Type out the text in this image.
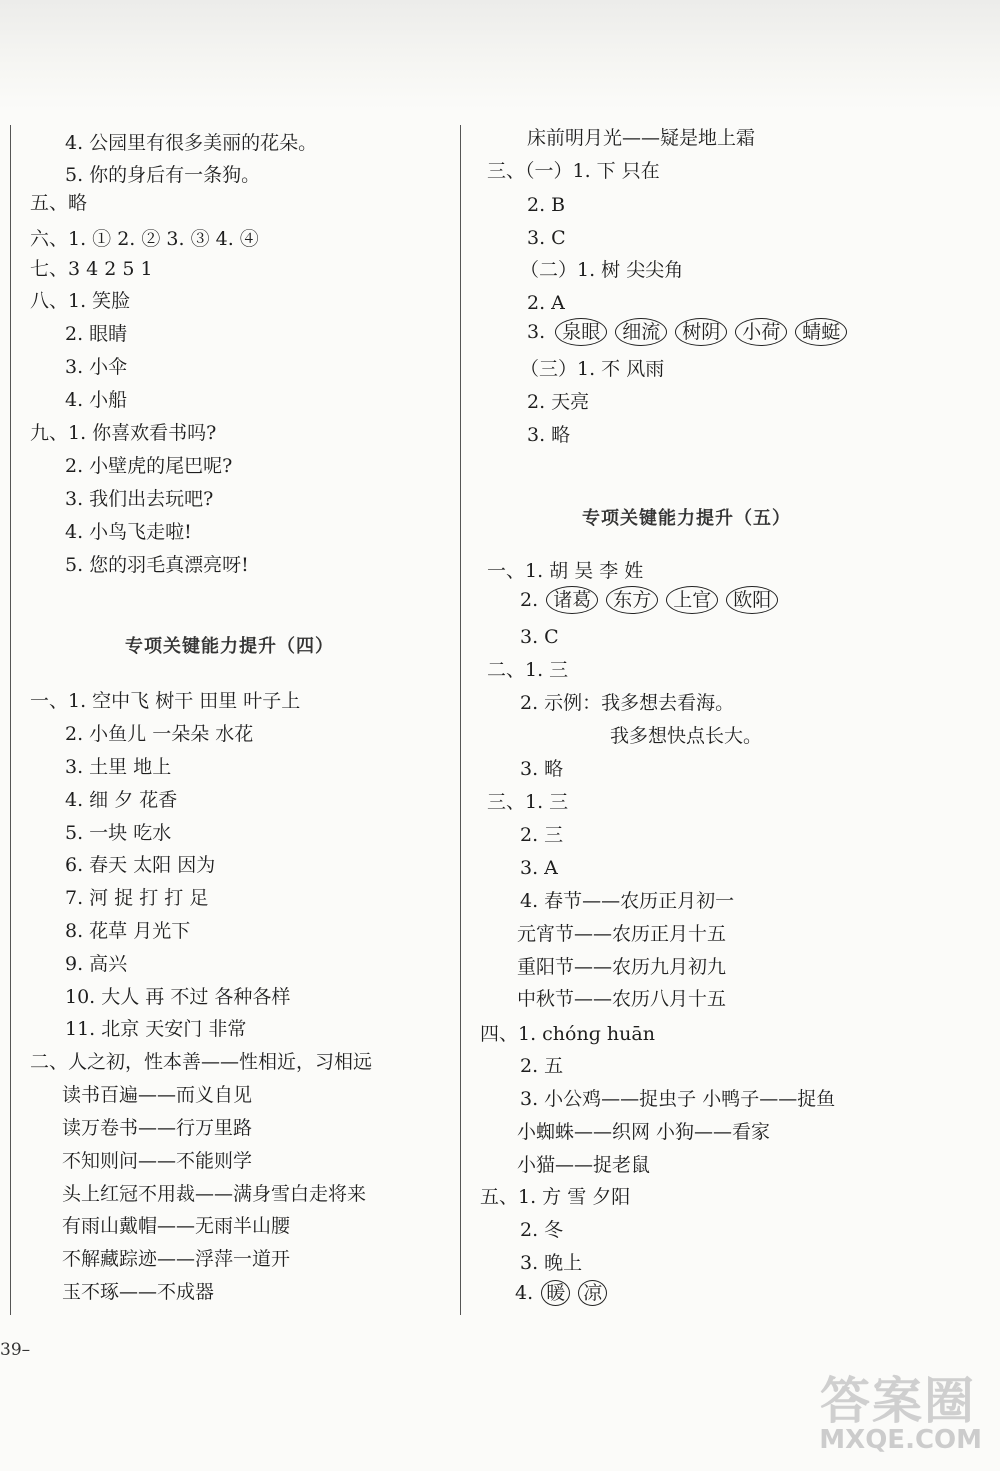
4. 公园里有很多美丽的花朵。
5. 你的身后有一条狗。
五、略
六、1. ① 2. ② 3. ③ 4. ④
七、3 4 2 5 1
八、1. 笑脸
2. 眼睛
3. 小伞
4. 小船
九、1. 你喜欢看书吗?
2. 小壁虎的尾巴呢?
3. 我们出去玩吧?
4. 小鸟飞走啦!
5. 您的羽毛真漂亮呀!
专项关键能力提升（四）
一、1. 空中飞 树干 田里 叶子上
2. 小鱼儿 一朵朵 水花
3. 土里 地上
4. 细 夕 花香
5. 一块 吃水
6. 春天 太阳 因为
7. 河 捉 打 打 足
8. 花草 月光下
9. 高兴
10. 大人 再 不过 各种各样
11. 北京 天安门 非常
二、人之初，性本善——性相近，习相远
读书百遍——而义自见
读万卷书——行万里路
不知则问——不能则学
头上红冠不用裁——满身雪白走将来
有雨山戴帽——无雨半山腰
不解藏踪迹——浮萍一道开
玉不琢——不成器
39–
床前明月光——疑是地上霜
三、（一）1. 下 只在
2. B
3. C
（二）1. 树 尖尖角
2. A
3. 泉眼 细流 树阴 小荷 蜻蜓
（三）1. 不 风雨
2. 天亮
3. 略
专项关键能力提升（五）
一、1. 胡 吴 李 姓
2. 诸葛 东方 上官 欧阳
3. C
二、1. 三
2. 示例：我多想去看海。
我多想快点长大。
3. 略
三、1. 三
2. 三
3. A
4. 春节——农历正月初一
元宵节——农历正月十五
重阳节——农历九月初九
中秋节——农历八月十五
四、1. chónɡ huān
2. 五
3. 小公鸡——捉虫子 小鸭子——捉鱼
小蜘蛛——织网 小狗——看家
小猫——捉老鼠
五、1. 方 雪 夕阳
2. 冬
3. 晚上
4. 暖 凉
答案圈
MXQE.COM
